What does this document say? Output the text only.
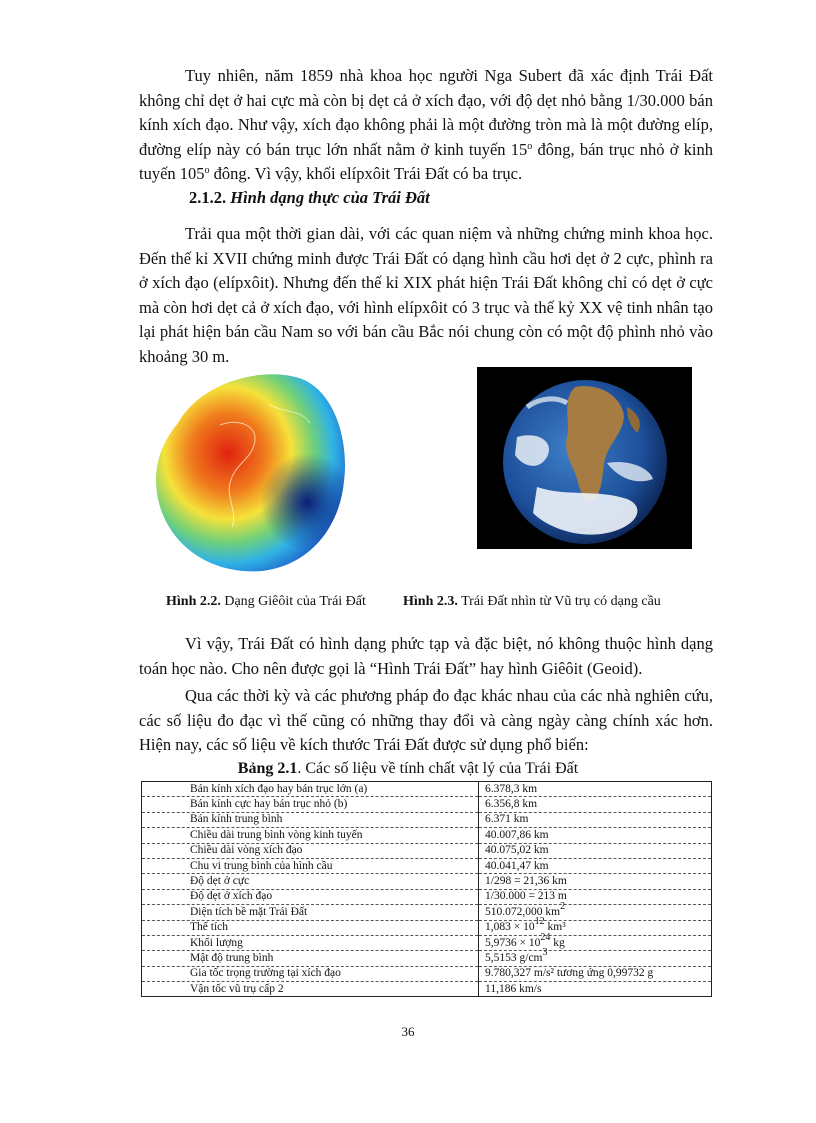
Tuy nhiên, năm 1859 nhà khoa học người Nga Subert đã xác định Trái Đất không chỉ dẹt ở hai cực mà còn bị dẹt cả ở xích đạo, với độ dẹt nhỏ bằng 1/30.000 bán kính xích đạo. Như vậy, xích đạo không phải là một đường tròn mà là một đường elíp, đường elíp này có bán trục lớn nhất nằm ở kinh tuyến 15$^o$ đông, bán trục nhỏ ở kinh tuyến 105$^o$ đông. Vì vậy, khối elípxôit Trái Đất có ba trục.

2.1.2. Hình dạng thực của Trái Đất

Trải qua một thời gian dài, với các quan niệm và những chứng minh khoa học. Đến thế kỉ XVII chứng minh được Trái Đất có dạng hình cầu hơi dẹt ở 2 cực, phình ra ở xích đạo (elípxôit). Nhưng đến thế kỉ XIX phát hiện Trái Đất không chỉ có dẹt ở cực mà còn hơi dẹt cả ở xích đạo, với hình elípxôit có 3 trục và thế kỷ XX vệ tinh nhân tạo lại phát hiện bán cầu Nam so với bán cầu Bắc nói chung còn có một độ phình nhỏ vào khoảng 30 m.

Hình 2.2. Dạng Giêôit của Trái Đất	Hình 2.3. Trái Đất nhìn từ Vũ trụ có dạng cầu

Vì vậy, Trái Đất có hình dạng phức tạp và đặc biệt, nó không thuộc hình dạng toán học nào. Cho nên được gọi là “Hình Trái Đất” hay hình Giêôit (Geoid).

Qua các thời kỳ và các phương pháp đo đạc khác nhau của các nhà nghiên cứu, các số liệu đo đạc vì thế cũng có những thay đổi và càng ngày càng chính xác hơn. Hiện nay, các số liệu về kích thước Trái Đất được sử dụng phổ biến:

Bảng 2.1. Các số liệu về tính chất vật lý của Trái Đất
Bán kính xích đạo hay bán trục lớn (a)	6.378,3 km
Bán kính cực hay bán trục nhỏ (b)	6.356,8 km
Bán kính trung bình	6.371 km
Chiều dài trung bình vòng kinh tuyến	40.007,86 km
Chiều dài vòng xích đạo	40.075,02 km
Chu vi trung bình của hình cầu	40.041,47 km
Độ dẹt ở cực	1/298 = 21,36 km
Độ dẹt ở xích đạo	1/30.000 = 213 m
Diện tích bề mặt Trái Đất	510.072,000 $km^2$
Thể tích	$1,083 \times 10^{12}$ km³
Khối lượng	$5,9736 \times 10^{24}$ kg
Mật độ trung bình	5,5153 $g/cm^3$
Gia tốc trọng trường tại xích đạo	9.780,327 m/s² tương ứng 0,99732 g
Vận tốc vũ trụ cấp 2	11,186 km/s
36
